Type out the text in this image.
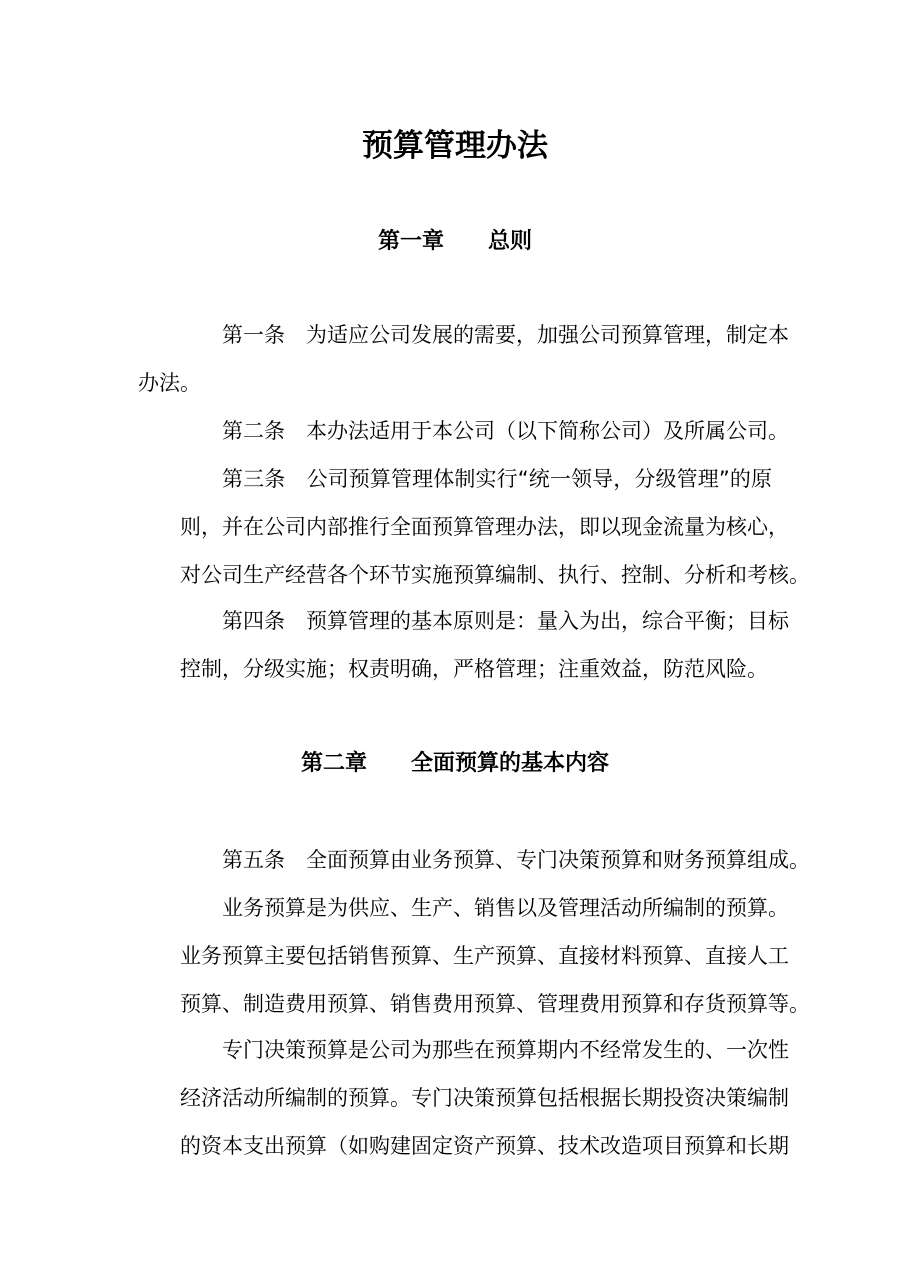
预算管理办法
第一章　　总则
第一条　为适应公司发展的需要，加强公司预算管理，制定本
办法。
第二条　本办法适用于本公司（以下简称公司）及所属公司。
第三条　公司预算管理体制实行“统一领导，分级管理”的原
则，并在公司内部推行全面预算管理办法，即以现金流量为核心，
对公司生产经营各个环节实施预算编制、执行、控制、分析和考核。
第四条　预算管理的基本原则是：量入为出，综合平衡；目标
控制，分级实施；权责明确，严格管理；注重效益，防范风险。
第二章　　全面预算的基本内容
第五条　全面预算由业务预算、专门决策预算和财务预算组成。
业务预算是为供应、生产、销售以及管理活动所编制的预算。
业务预算主要包括销售预算、生产预算、直接材料预算、直接人工
预算、制造费用预算、销售费用预算、管理费用预算和存货预算等。
专门决策预算是公司为那些在预算期内不经常发生的、一次性
经济活动所编制的预算。专门决策预算包括根据长期投资决策编制
的资本支出预算（如购建固定资产预算、技术改造项目预算和长期
